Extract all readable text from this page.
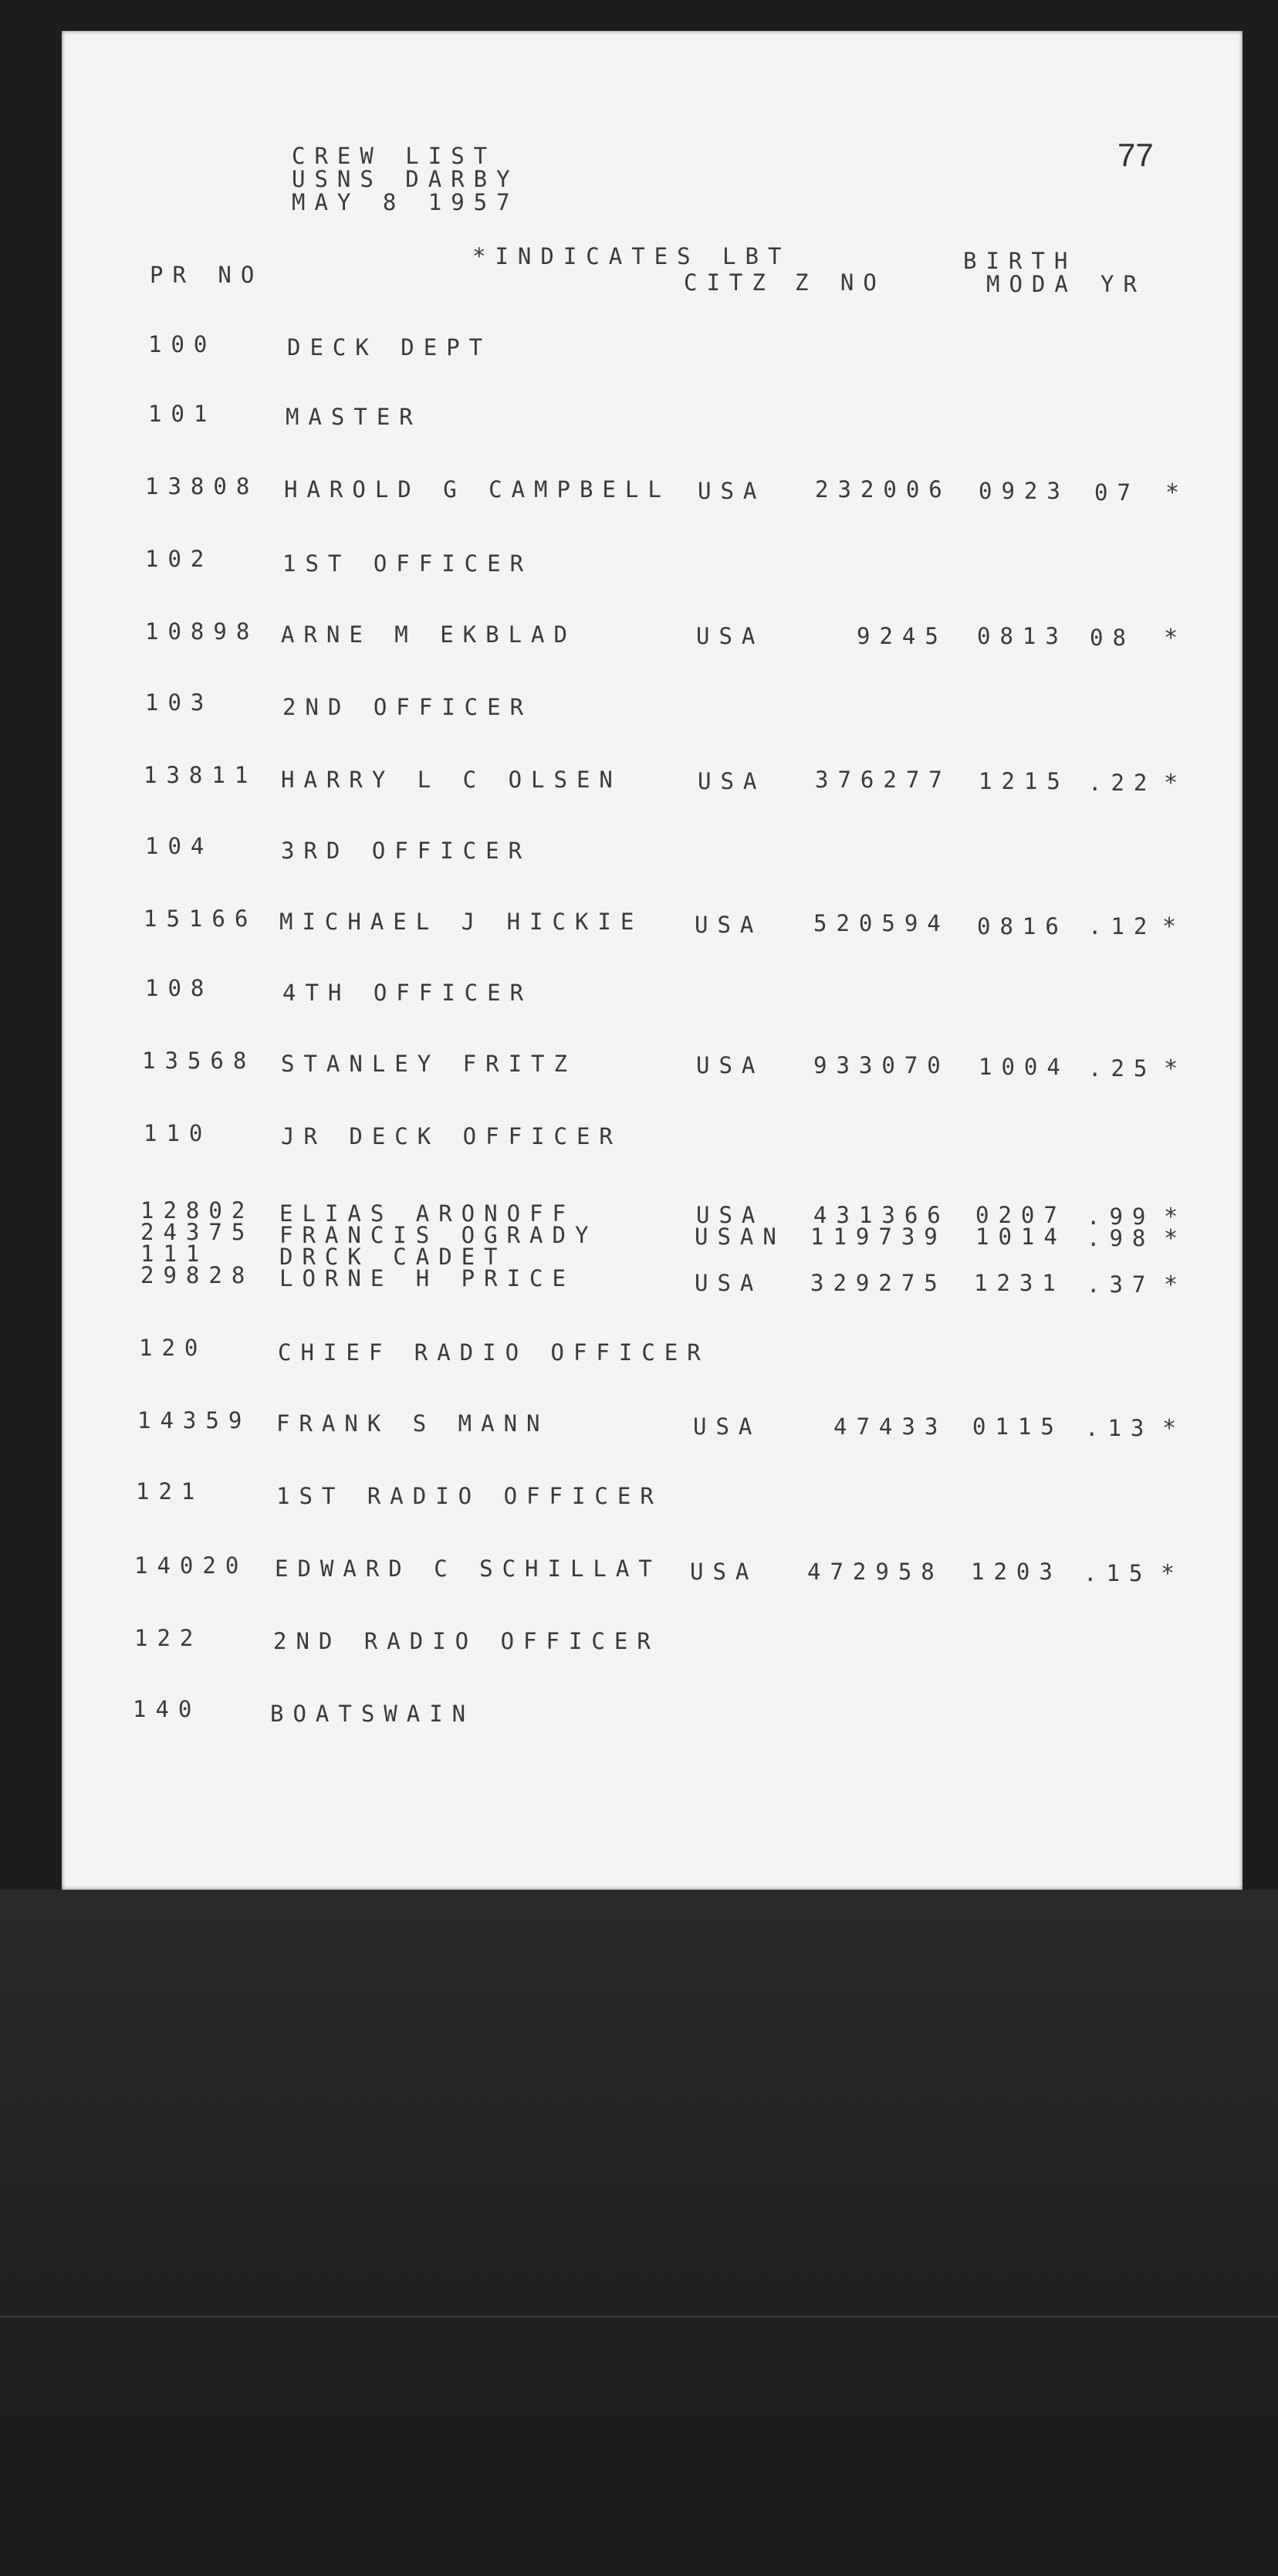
CREW LIST
USNS DARBY
MAY 8 1957
77
*INDICATES LBT	BIRTH
PR NO	CITZ Z NO	MODA YR
100	DECK DEPT
101	MASTER
13808 HAROLD G CAMPBELL USA 232006 0923 07 *
102	1ST OFFICER
10898 ARNE M EKBLAD	USA	9245 0813 08 *
103	2ND OFFICER
13811 HARRY L C OLSEN	USA 376277 1215 .22 *
104	3RD OFFICER
15166 MICHAEL J HICKIE USA 520594 0816 .12 *
108	4TH OFFICER
13568 STANLEY FRITZ	USA 933070 1004 .25 *
110	JR DECK OFFICER
12802 ELIAS ARONOFF	USA 431366 0207 .99 *
24375 FRANCIS OGRADY	USAN 119739 1014 .98 *
111	DRCK CADET
29828 LORNE H PRICE	USA 329275 1231 .37 *
120	CHIEF RADIO OFFICER
14359 FRANK S MANN	USA	47433 0115 .13 *
121	1ST RADIO OFFICER
14020 EDWARD C SCHILLAT USA 472958 1203 .15 *
122	2ND RADIO OFFICER
140	BOATSWAIN
